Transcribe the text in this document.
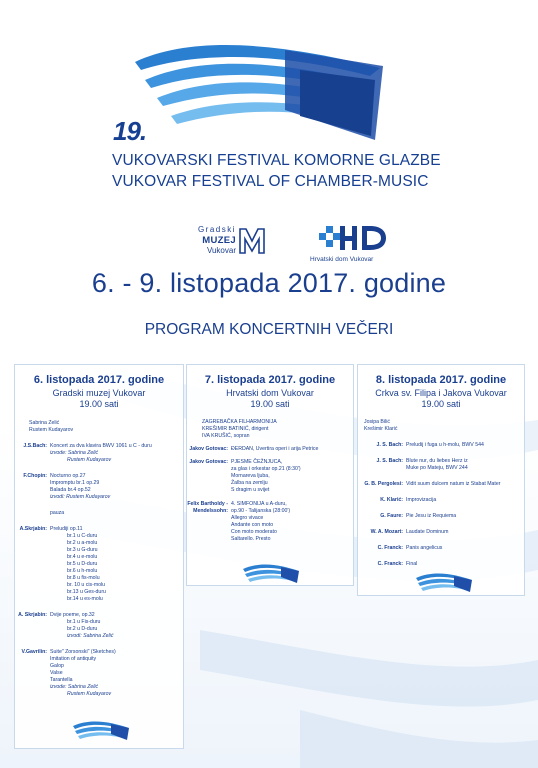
19.
VUKOVARSKI FESTIVAL KOMORNE GLAZBE
VUKOVAR FESTIVAL OF CHAMBER-MUSIC
Gradski
MUZEJ
Vukovar
Hrvatski dom Vukovar
6. - 9. listopada 2017. godine
PROGRAM KONCERTNIH VEČERI
6. listopada 2017. godine
Gradski muzej Vukovar
19.00 sati
Sabrina Zelić
Rustem Kudayarov
J.S.Bach: Koncert za dva klavira BWV 1061 u C - duru
izvode: Sabrina Zelić
Rustem Kudayarov
F.Chopin: Nocturno op.27
Impromptu br.1 op.29
Balada br.4 op.52
izvodi: Rustem Kudayarov
pauza
A.Skrjabin: Preludiji op.11
br.1 u C-duru
br.2 u a-molu
br.3 u G-duru
br.4 u e-molu
br.5 u D-duru
br.6 u h-molu
br.8 u fis-molu
br. 10 u cis-molu
br.13 u Ges-duru
br.14 u es-molu
A. Skrjabin: Dvije poeme, op.32
br.1 u Fis-duru
br.2 u D-duru
izvodi: Sabrina Zelić
V.Gavrilin: Suite" Zorsonski" (Sketches)
Imitation of antiquity
Galop
Valse
Tarantella
izvode: Sabrina Zelić
Rustem Kudayarov
7. listopada 2017. godine
Hrvatski dom Vukovar
19.00 sati
ZAGREBAČKA FILHARMONIJA
KREŠIMIR BATINIĆ, dirigent
IVA KRUŠIĆ, sopran
Jakov Gotovac: ĐERDAN, Uvertira operi i arija Petrice
Jakov Gotovac: PJESME ČEŽNJUCA,
za glas i orkestar op.21 (8:30')
Mornareva ljuba,
Žalba na zemlju
S dragim u svijet
Felix Bartholdy - Mendelssohn:
4. SIMFONIJA u A-duru,
op.90 - Talijanska (28:00')
Allegro vivace
Andante con moto
Con moto moderato
Saltarello. Presto
8. listopada 2017. godine
Crkva sv. Filipa i Jakova Vukovar
19.00 sati
Josipa Bilić
Krešimir Klarić
J. S. Bach: Preludij i fuga u h-molu, BWV 544
J. S. Bach: Blute nur, du liebes Herz iz
Muke po Mateju, BWV 244
G. B. Pergolesi: Vidit suum dulcem natum iz Stabat Mater
K. Klarić: Improvizacija
G. Faure: Pie Jesu iz Requiema
W. A. Mozart: Laudate Dominum
C. Franck: Panis angelicus
C. Franck: Final
